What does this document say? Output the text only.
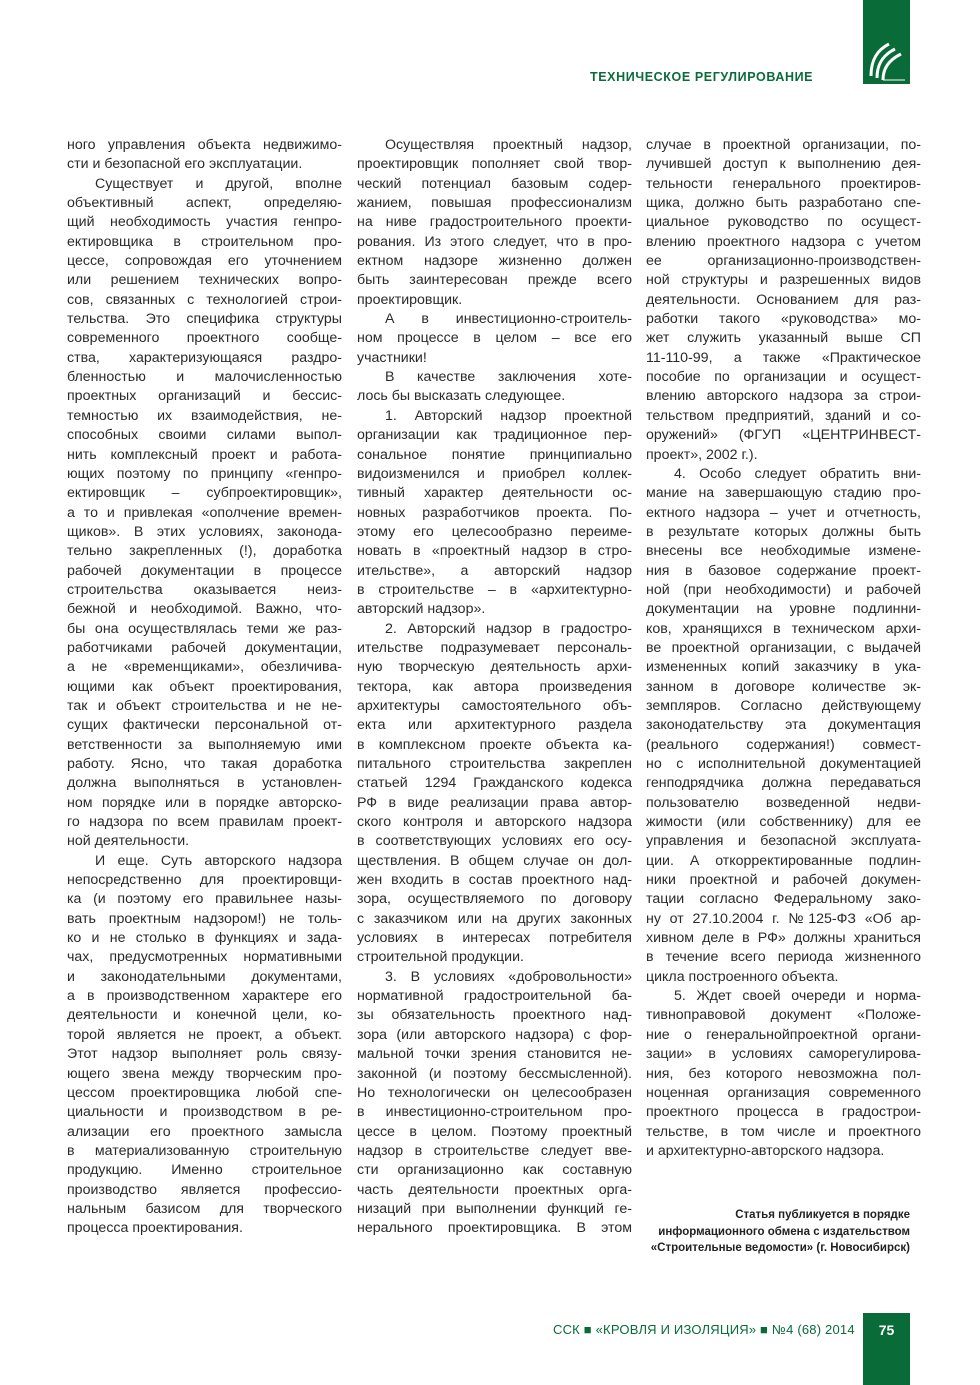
ТЕХНИЧЕСКОЕ РЕГУЛИРОВАНИЕ
ного управления объекта недвижимо-
сти и безопасной его эксплуатации.
Существует и другой, вполне
объективный аспект, определяю-
щий необходимость участия генпро-
ектировщика в строительном про-
цессе, сопровождая его уточнением
или решением технических вопро-
сов, связанных с технологией строи-
тельства. Это специфика структуры
современного проектного сообще-
ства, характеризующаяся раздро-
бленностью и малочисленностью
проектных организаций и бессис-
темностью их взаимодействия, не-
способных своими силами выпол-
нить комплексный проект и работа-
ющих поэтому по принципу «генпро-
ектировщик – субпроектировщик»,
а то и привлекая «ополчение времен-
щиков». В этих условиях, законода-
тельно закрепленных (!), доработка
рабочей документации в процессе
строительства оказывается неиз-
бежной и необходимой. Важно, что-
бы она осуществлялась теми же раз-
работчиками рабочей документации,
а не «временщиками», обезличива-
ющими как объект проектирования,
так и объект строительства и не не-
сущих фактически персональной от-
ветственности за выполняемую ими
работу. Ясно, что такая доработка
должна выполняться в установлен-
ном порядке или в порядке авторско-
го надзора по всем правилам проект-
ной деятельности.
И еще. Суть авторского надзора
непосредственно для проектировщи-
ка (и поэтому его правильнее назы-
вать проектным надзором!) не толь-
ко и не столько в функциях и зада-
чах, предусмотренных нормативными
и законодательными документами,
а в производственном характере его
деятельности и конечной цели, ко-
торой является не проект, а объект.
Этот надзор выполняет роль связу-
ющего звена между творческим про-
цессом проектировщика любой спе-
циальности и производством в ре-
ализации его проектного замысла
в материализованную строительную
продукцию. Именно строительное
производство является профессио-
нальным базисом для творческого
процесса проектирования.
Осуществляя проектный надзор,
проектировщик пополняет свой твор-
ческий потенциал базовым содер-
жанием, повышая профессионализм
на ниве градостроительного проекти-
рования. Из этого следует, что в про-
ектном надзоре жизненно должен
быть заинтересован прежде всего
проектировщик.
А в инвестиционно-строитель-
ном процессе в целом – все его
участники!
В качестве заключения хоте-
лось бы высказать следующее.
1. Авторский надзор проектной
организации как традиционное пер-
сональное понятие принципиально
видоизменился и приобрел коллек-
тивный характер деятельности ос-
новных разработчиков проекта. По-
этому его целесообразно переиме-
новать в «проектный надзор в стро-
ительстве», а авторский надзор
в строительстве – в «архитектурно-
авторский надзор».
2. Авторский надзор в градостро-
ительстве подразумевает персональ-
ную творческую деятельность архи-
тектора, как автора произведения
архитектуры самостоятельного объ-
екта или архитектурного раздела
в комплексном проекте объекта ка-
питального строительства закреплен
статьей 1294 Гражданского кодекса
РФ в виде реализации права автор-
ского контроля и авторского надзора
в соответствующих условиях его осу-
ществления. В общем случае он дол-
жен входить в состав проектного над-
зора, осуществляемого по договору
с заказчиком или на других законных
условиях в интересах потребителя
строительной продукции.
3. В условиях «добровольности»
нормативной градостроительной ба-
зы обязательность проектного над-
зора (или авторского надзора) с фор-
мальной точки зрения становится не-
законной (и поэтому бессмысленной).
Но технологически он целесообразен
в инвестиционно-строительном про-
цессе в целом. Поэтому проектный
надзор в строительстве следует вве-
сти организационно как составную
часть деятельности проектных орга-
низаций при выполнении функций ге-
нерального проектировщика. В этом
случае в проектной организации, по-
лучившей доступ к выполнению дея-
тельности генерального проектиров-
щика, должно быть разработано спе-
циальное руководство по осущест-
влению проектного надзора с учетом
ее организационно-производствен-
ной структуры и разрешенных видов
деятельности. Основанием для раз-
работки такого «руководства» мо-
жет служить указанный выше СП
11-110-99, а также «Практическое
пособие по организации и осущест-
влению авторского надзора за строи-
тельством предприятий, зданий и со-
оружений» (ФГУП «ЦЕНТРИНВЕСТ-
проект», 2002 г.).
4. Особо следует обратить вни-
мание на завершающую стадию про-
ектного надзора – учет и отчетность,
в результате которых должны быть
внесены все необходимые измене-
ния в базовое содержание проект-
ной (при необходимости) и рабочей
документации на уровне подлинни-
ков, хранящихся в техническом архи-
ве проектной организации, с выдачей
измененных копий заказчику в ука-
занном в договоре количестве эк-
земпляров. Согласно действующему
законодательству эта документация
(реального содержания!) совмест-
но с исполнительной документацией
генподрядчика должна передаваться
пользователю возведенной недви-
жимости (или собственнику) для ее
управления и безопасной эксплуата-
ции. А откорректированные подлин-
ники проектной и рабочей докумен-
тации согласно Федеральному зако-
ну от 27.10.2004 г. №125-ФЗ «Об ар-
хивном деле в РФ» должны храниться
в течение всего периода жизненного
цикла построенного объекта.
5. Ждет своей очереди и норма-
тивноправовой документ «Положе-
ние о генеральнойпроектной органи-
зации» в условиях саморегулирова-
ния, без которого невозможна пол-
ноценная организация современного
проектного процесса в градострои-
тельстве, в том числе и проектного
и архитектурно-авторского надзора.
Статья публикуется в порядке
информационного обмена с издательством
«Строительные ведомости» (г. Новосибирск)
ССК ■ «КРОВЛЯ И ИЗОЛЯЦИЯ» ■ №4 (68) 2014	75
